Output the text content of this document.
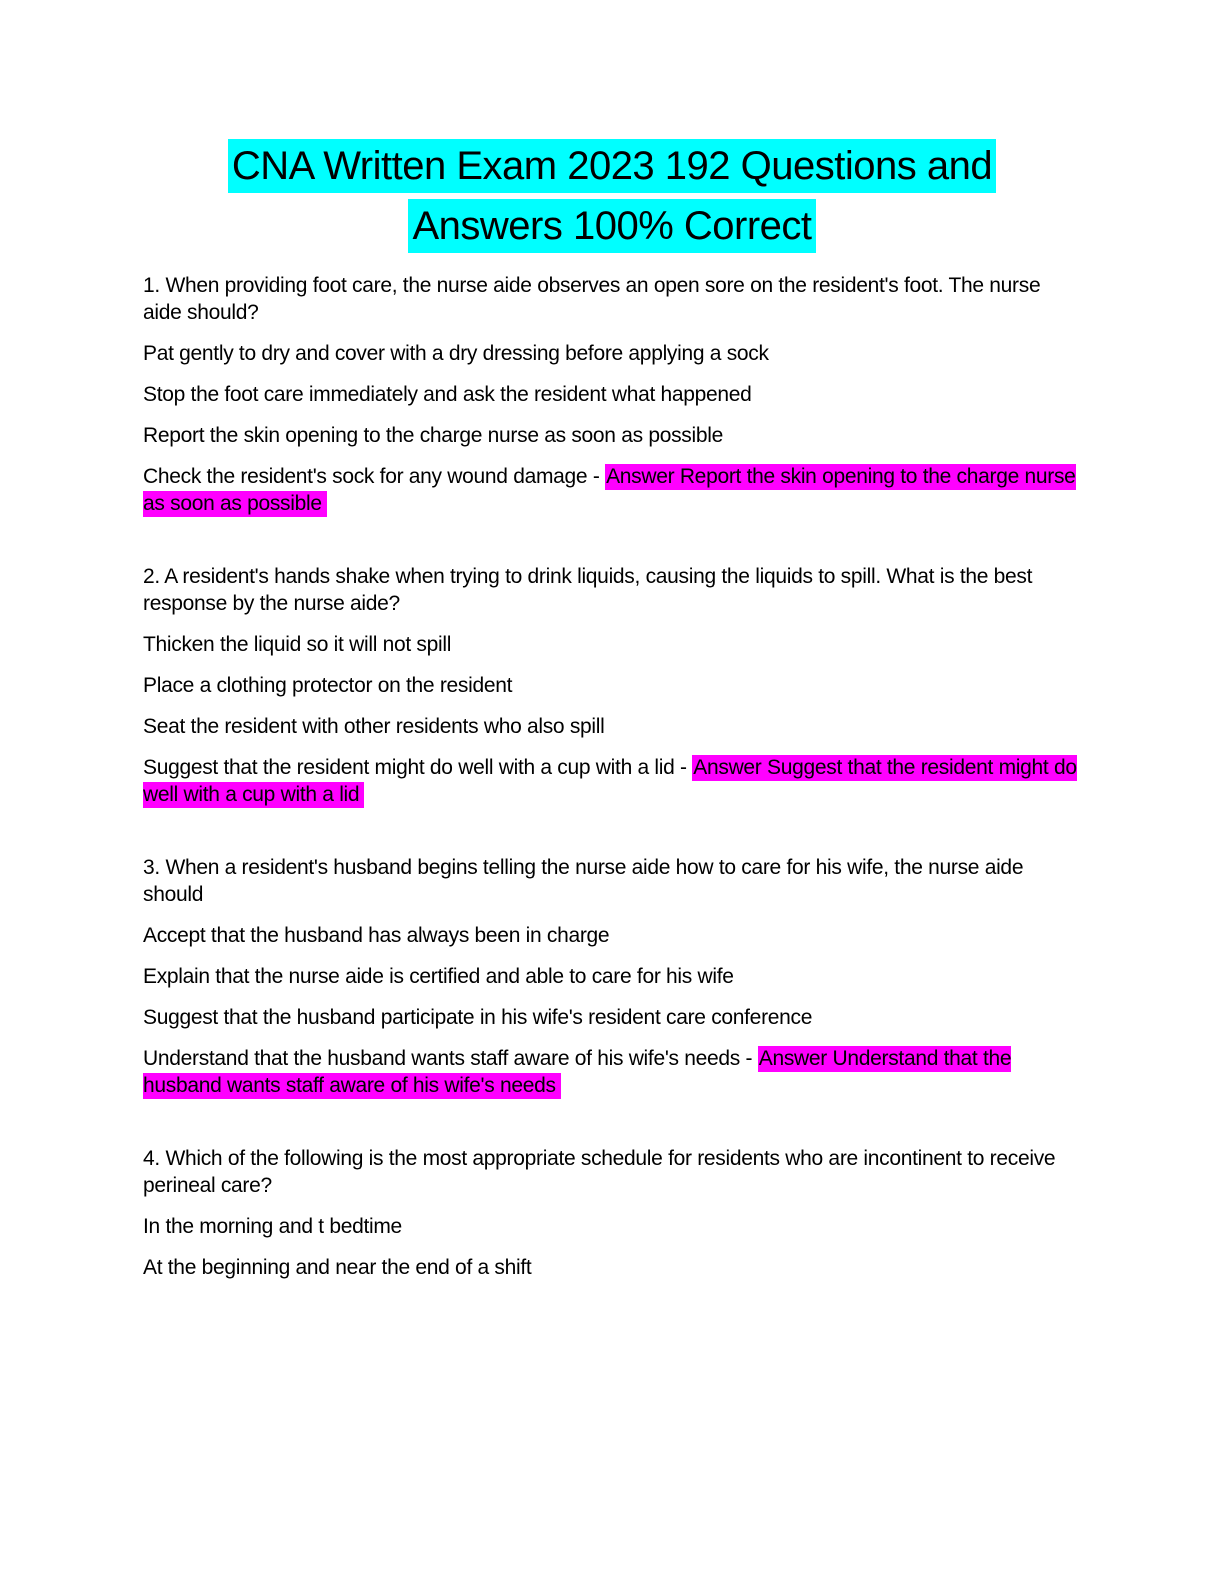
CNA Written Exam 2023 192 Questions and
Answers 100% Correct

1. When providing foot care, the nurse aide observes an open sore on the resident's foot. The nurse aide should?

Pat gently to dry and cover with a dry dressing before applying a sock

Stop the foot care immediately and ask the resident what happened

Report the skin opening to the charge nurse as soon as possible

Check the resident's sock for any wound damage - Answer Report the skin opening to the charge nurse as soon as possible

2. A resident's hands shake when trying to drink liquids, causing the liquids to spill. What is the best response by the nurse aide?

Thicken the liquid so it will not spill

Place a clothing protector on the resident

Seat the resident with other residents who also spill

Suggest that the resident might do well with a cup with a lid - Answer Suggest that the resident might do well with a cup with a lid

3. When a resident's husband begins telling the nurse aide how to care for his wife, the nurse aide should

Accept that the husband has always been in charge

Explain that the nurse aide is certified and able to care for his wife

Suggest that the husband participate in his wife's resident care conference

Understand that the husband wants staff aware of his wife's needs - Answer Understand that the husband wants staff aware of his wife's needs

4. Which of the following is the most appropriate schedule for residents who are incontinent to receive perineal care?

In the morning and t bedtime

At the beginning and near the end of a shift
